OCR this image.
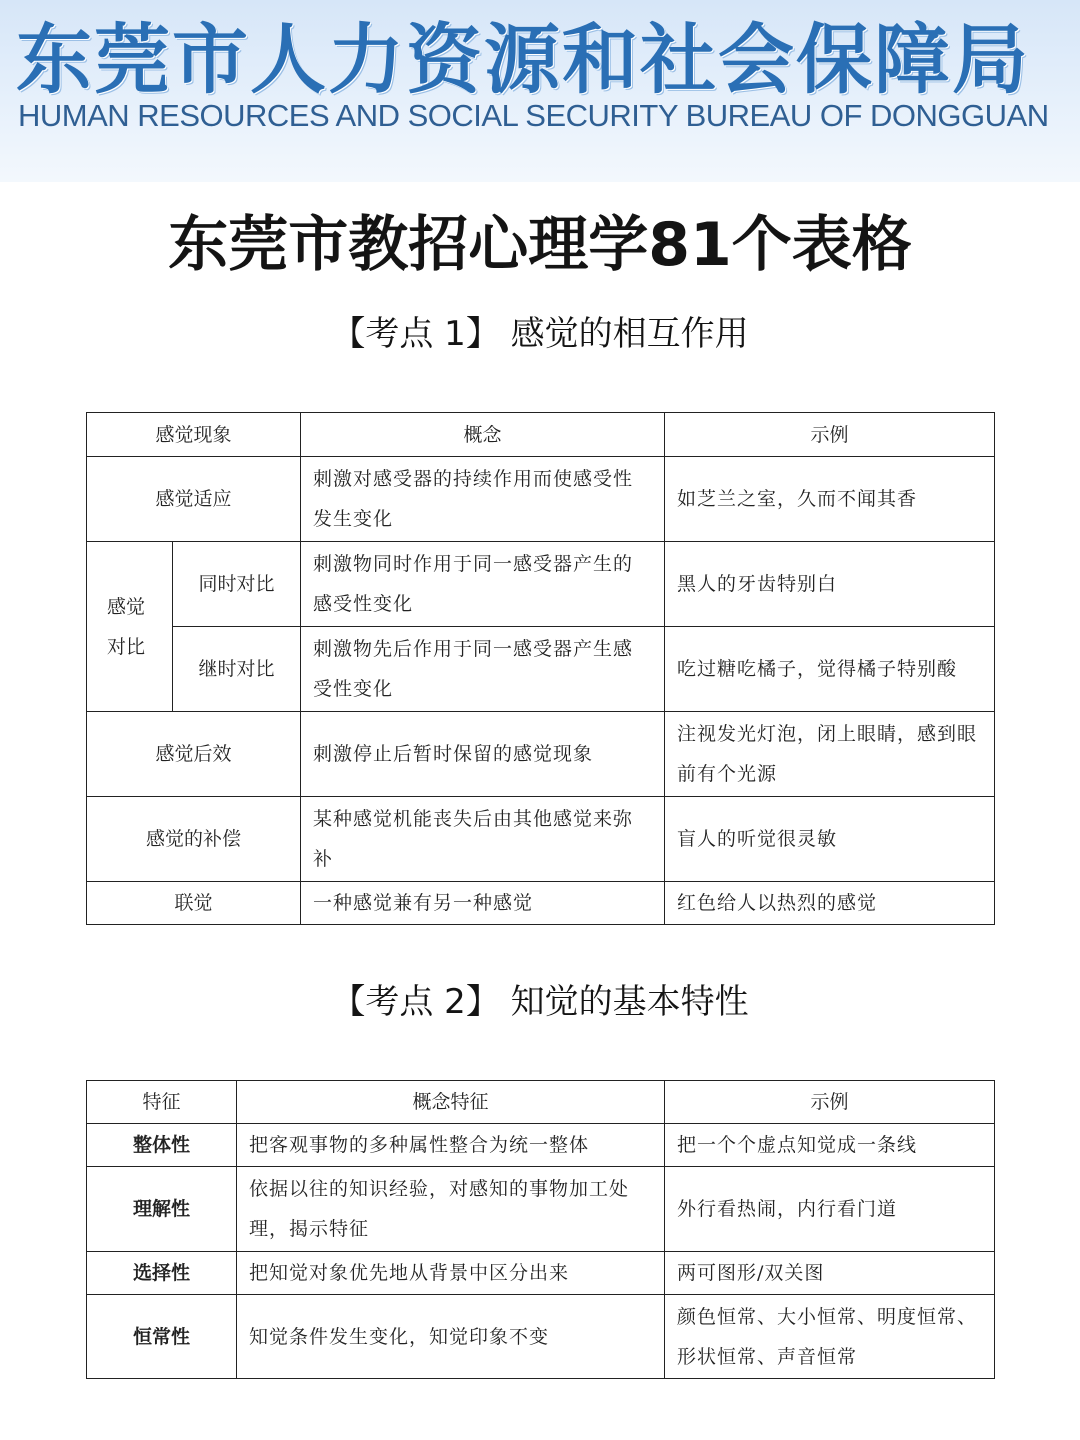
东莞市人力资源和社会保障局
HUMAN RESOURCES AND SOCIAL SECURITY BUREAU OF DONGGUAN
东莞市教招心理学81个表格
【考点 1】 感觉的相互作用
感觉现象		概念	示例
感觉适应		刺激对感受器的持续作用而使感受性发生变化	如芝兰之室，久而不闻其香

感觉对比	同时对比	刺激物同时作用于同一感受器产生的感受性变化	黑人的牙齿特别白
	继时对比	刺激物先后作用于同一感受器产生感受性变化	吃过糖吃橘子，觉得橘子特别酸
感觉后效		刺激停止后暂时保留的感觉现象	注视发光灯泡，闭上眼睛，感到眼前有个光源
感觉的补偿		某种感觉机能丧失后由其他感觉来弥补	盲人的听觉很灵敏
联觉		一种感觉兼有另一种感觉	红色给人以热烈的感觉
【考点 2】 知觉的基本特性
特征	概念特征	示例
整体性	把客观事物的多种属性整合为统一整体	把一个个虚点知觉成一条线
理解性	依据以往的知识经验，对感知的事物加工处理，揭示特征	外行看热闹，内行看门道
选择性	把知觉对象优先地从背景中区分出来	两可图形/双关图
恒常性	知觉条件发生变化，知觉印象不变	颜色恒常、大小恒常、明度恒常、形状恒常、声音恒常
